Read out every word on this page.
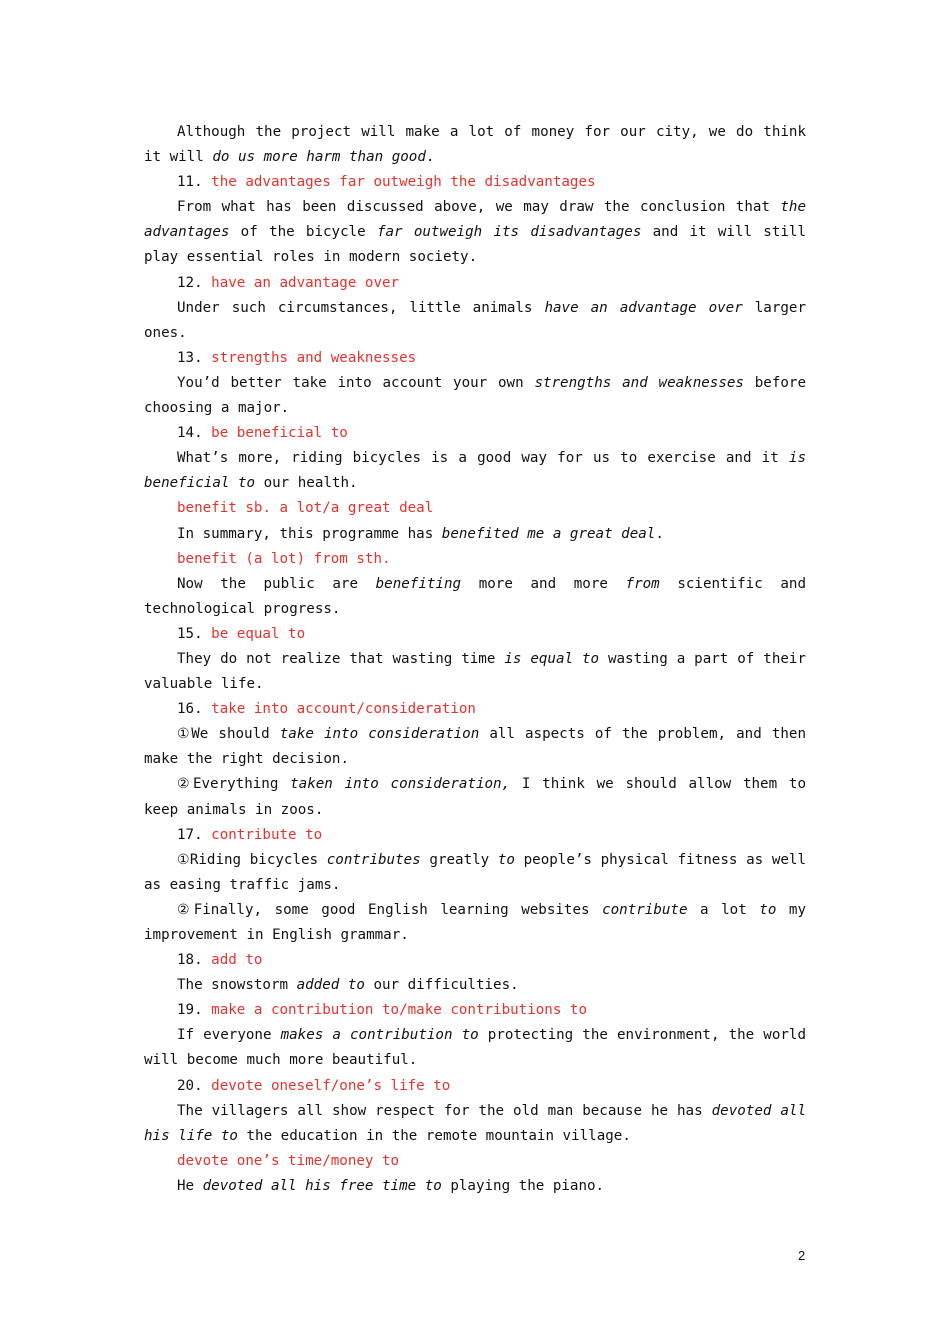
Although the project will make a lot of money for our city, we do think it will do us more harm than good.

11. the advantages far outweigh the disadvantages

From what has been discussed above, we may draw the conclusion that the advantages of the bicycle far outweigh its disadvantages and it will still play essential roles in modern society.

12. have an advantage over

Under such circumstances, little animals have an advantage over larger ones.

13. strengths and weaknesses

You’d better take into account your own strengths and weaknesses before choosing a major.

14. be beneficial to

What’s more, riding bicycles is a good way for us to exercise and it is beneficial to our health.

benefit sb. a lot/a great deal

In summary, this programme has benefited me a great deal.

benefit (a lot) from sth.

Now the public are benefiting more and more from scientific and technological progress.

15. be equal to

They do not realize that wasting time is equal to wasting a part of their valuable life.

16. take into account/consideration

①We should take into consideration all aspects of the problem, and then make the right decision.

②Everything taken into consideration, I think we should allow them to keep animals in zoos.

17. contribute to

①Riding bicycles contributes greatly to people’s physical fitness as well as easing traffic jams.

②Finally, some good English learning websites contribute a lot to my improvement in English grammar.

18. add to

The snowstorm added to our difficulties.

19. make a contribution to/make contributions to

If everyone makes a contribution to protecting the environment, the world will become much more beautiful.

20. devote oneself/one’s life to

The villagers all show respect for the old man because he has devoted all his life to the education in the remote mountain village.

devote one’s time/money to

He devoted all his free time to playing the piano.

2
